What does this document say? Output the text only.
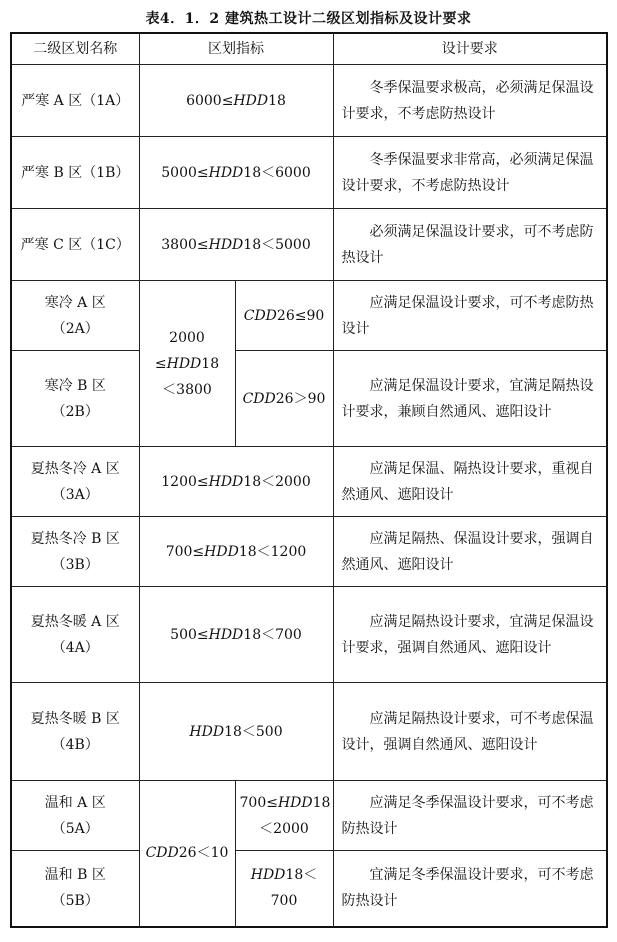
表4．1．2 建筑热工设计二级区划指标及设计要求
二级区划名称	区划指标		设计要求
严寒 A 区（1A）	6000≤HDD18		冬季保温要求极高，必须满足保温设计要求，不考虑防热设计

严寒 B 区（1B）	5000≤HDD18＜6000		冬季保温要求非常高，必须满足保温设计要求，不考虑防热设计

严寒 C 区（1C）	3800≤HDD18＜5000		必须满足保温设计要求，可不考虑防热设计

寒冷 A 区
（2A）	2000
≤HDD18
＜3800	CDD26≤90	应满足保温设计要求，可不考虑防热设计

寒冷 B 区
（2B）		CDD26＞90	应满足保温设计要求，宜满足隔热设计要求，兼顾自然通风、遮阳设计

夏热冬冷 A 区
（3A）	1200≤HDD18＜2000		应满足保温、隔热设计要求，重视自然通风、遮阳设计

夏热冬冷 B 区
（3B）	700≤HDD18＜1200		应满足隔热、保温设计要求，强调自然通风、遮阳设计

夏热冬暖 A 区
（4A）	500≤HDD18＜700		应满足隔热设计要求，宜满足保温设计要求，强调自然通风、遮阳设计

夏热冬暖 B 区
（4B）	HDD18＜500		应满足隔热设计要求，可不考虑保温设计，强调自然通风、遮阳设计

温和 A 区
（5A）	CDD26＜10	700≤HDD18
＜2000	应满足冬季保温设计要求，可不考虑防热设计

温和 B 区
（5B）		HDD18＜700	宜满足冬季保温设计要求，可不考虑防热设计
